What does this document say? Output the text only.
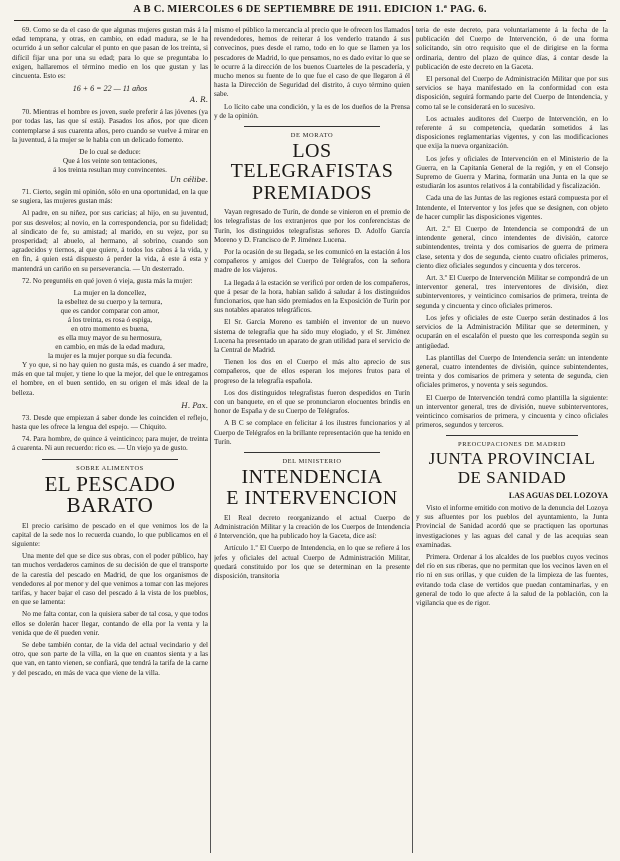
A B C. MIERCOLES 6 DE SEPTIEMBRE DE 1911. EDICION 1.ª PAG. 6.

69. Como se da el caso de que algunas mujeres gustan más á la edad temprana, y otras, en cambio, en edad madura, se le ha ocurrido á un señor calcular el punto en que pasan de los treinta, si difícil fijar una por una su edad; para lo que se preguntaba lo exigen, hallaremos el término medio en los que gustan y las cincuenta. Esto es:

16 + 6 = 22 — 11 años

A. R.

70. Mientras el hombre es joven, suele preferir á las jóvenes (ya por todas las, las que sí está). Pasados los años, por que dicen contemplarse á sus cuarenta años, pero cuando se vuelve á mirar en la juventud, á la mujer se le habla con un delicado fomento.

De lo cual se deduce:

Que á los veinte son tentaciones,

á los treinta resultan muy convincentes.

Un célibe.

71. Cierto, según mi opinión, sólo en una oportunidad, en la que se sugiera, las mujeres gustan más:

Al padre, en su niñez, por sus caricias; al hijo, en su juventud, por sus desvelos; al novio, en la correspondencia, por su fidelidad; al sindicato de fe, su amistad; al marido, en su vejez, por su prosperidad; al abuelo, al hermano, al sobrino, cuando son agradecidos y tiernos, al que quiere, á todos los cabos á la vida, y en fin, á quien está dispuesto á perder la vida, á este á esta y mantendrá un cariño en su perseverancia. — Un desterrado.

72. No preguntéis en qué joven ó vieja, gusta más la mujer:

La mujer en la doncellez,

la esbeltez de su cuerpo y la ternura,

que es candor comparar con amor,

á los treinta, es rosa ó espiga,

en otro momento es buena,

es ella muy mayor de su hermosura,

en cambio, en más de la edad madura,

la mujer es la mujer porque su día fecunda.

Y yo que, si no hay quien no gusta más, es cuando á ser madre, más en que tal mujer, y tiene lo que la mejor, del que le entregamos el hombre, en el buen sentido, en su origen el más ideal de la belleza.

H. Pax.

73. Desde que empiezan á saber donde les coinciden el reflejo, hasta que les ofrece la lengua del espejo. — Chiquito.

74. Para hombre, de quince á veinticinco; para mujer, de treinta á cuarenta. Ni aun recuerdo: rico es. — Un viejo ya de gusto.

SOBRE ALIMENTOS
EL PESCADO BARATO

El precio carísimo de pescado en el que venimos los de la capital de la sede nos lo recuerda cuando, lo que publicamos en el siguiente:

Una mente del que se dice sus obras, con el poder público, hay tan muchos verdaderos caminos de su decisión de que el transporte de la carestía del pescado en Madrid, de que los organismos de vendedores al por menor y del que venimos a tomar con las mejores tarifas, y hacer bajar el caso del pescado á la vista de los pueblos, en que se lamenta:

No me falta contar, con la quisiera saber de tal cosa, y que todos ellos se dolerán hacer llegar, contando de ella por la venta y la venida que de él pueden venir.

Se debe también contar, de la vida del actual vecindario y del otro, que son parte de la villa, en la que en cuantos sienta y a las que van, en tanto vienen, se confiará, que tendrá la tarifa de la carne y del pescado, en más de vaca que viene de la villa.

mismo el público la mercancía al precio que le ofrecen los llamados revendedores, hemos de reiterar á los venderlo tratando á sus convecinos, pues desde el ramo, todo en lo que se llamen ya los pescadores de Madrid, lo que pensamos, no es dado evitar lo que se le ocurre á la dirección de los buenos Cuarteles de la pescadería, y mucho menos su fuente de lo que fue el caso de que llegaron á él hasta la Dirección de Seguridad del distrito, á cuyo término quien sabe.

Lo lícito cabe una condición, y la es de los dueños de la Prensa y de la opinión.

DE MORATO
LOS TELEGRAFISTAS
PREMIADOS

Vayan regresado de Turín, de donde se vinieron en el premio de los telegrafistas de los extranjeros que por los conferencistas de Turín, los distinguidos telegrafistas señores D. Adolfo García Moreno y D. Francisco de P. Jiménez Lucena.

Por la ocasión de su llegada, se les comunicó en la estación á los compañeros y amigos del Cuerpo de Telégrafos, con la señora madre de los viajeros.

La llegada á la estación se verificó por orden de los compañeros, que á pesar de la hora, habían salido á saludar á los distinguidos funcionarios, que han sido premiados en la Exposición de Turín por sus notables aparatos telegráficos.

El Sr. García Moreno es también el inventor de un nuevo sistema de telegrafía que ha sido muy elogiado, y el Sr. Jiménez Lucena ha presentado un aparato de gran utilidad para el servicio de la Central de Madrid.

Tienen los dos en el Cuerpo el más alto aprecio de sus compañeros, que de ellos esperan los mejores frutos para el progreso de la telegrafía española.

Los dos distinguidos telegrafistas fueron despedidos en Turín con un banquete, en el que se pronunciaron elocuentes brindis en honor de España y de su Cuerpo de Telégrafos.

A B C se complace en felicitar á los ilustres funcionarios y al Cuerpo de Telégrafos en la brillante representación que ha tenido en Turín.

DEL MINISTERIO
INTENDENCIA
E INTERVENCION

El Real decreto reorganizando el actual Cuerpo de Administración Militar y la creación de los Cuerpos de Intendencia é Intervención, que ha publicado hoy la Gaceta, dice así:

Artículo 1.º El Cuerpo de Intendencia, en lo que se refiere á los jefes y oficiales del actual Cuerpo de Administración Militar, quedará constituido por los que se determinan en la presente disposición, transitoria

teria de este decreto, para voluntariamente á la fecha de la publicación del Cuerpo de Intervención, ó de una forma solicitando, sin otro requisito que el de dirigirse en la forma ordinaria, dentro del plazo de quince días, á contar desde la publicación de este decreto en la Gaceta.

El personal del Cuerpo de Administración Militar que por sus servicios se haya manifestado en la conformidad con esta disposición, seguirá formando parte del Cuerpo de Intendencia, y como tal se le considerará en lo sucesivo.

Los actuales auditores del Cuerpo de Intervención, en lo referente á su competencia, quedarán sometidos á las disposiciones reglamentarias vigentes, y con las modificaciones que exija la nueva organización.

Los jefes y oficiales de Intervención en el Ministerio de la Guerra, en la Capitanía General de la región, y en el Consejo Supremo de Guerra y Marina, formarán una Junta en la que se estudiarán los asuntos relativos á la contabilidad y fiscalización.

Cada una de las Juntas de las regiones estará compuesta por el Intendente, el Interventor y los jefes que se designen, con objeto de hacer cumplir las disposiciones vigentes.

Art. 2.º El Cuerpo de Intendencia se compondrá de un intendente general, cinco intendentes de división, catorce subintendentes, treinta y dos comisarios de guerra de primera clase, setenta y dos de segunda, ciento cuatro oficiales primeros, ciento diez oficiales segundos y cincuenta y dos terceros.

Art. 3.º El Cuerpo de Intervención Militar se compondrá de un interventor general, tres interventores de división, diez subinterventores, y veinticinco comisarios de primera, treinta de segunda y cincuenta y cinco oficiales primeros.

Los jefes y oficiales de este Cuerpo serán destinados á los servicios de la Administración Militar que se determinen, y ocuparán en el escalafón el puesto que les corresponda según su antigüedad.

Las plantillas del Cuerpo de Intendencia serán: un intendente general, cuatro intendentes de división, quince subintendentes, treinta y dos comisarios de primera y setenta de segunda, cien oficiales primeros, y noventa y seis segundos.

El Cuerpo de Intervención tendrá como plantilla la siguiente: un interventor general, tres de división, nueve subinterventores, veinticinco comisarios de primera, y cincuenta y cinco oficiales primeros, segundos y terceros.

PREOCUPACIONES DE MADRID
JUNTA PROVINCIAL
DE SANIDAD
LAS AGUAS DEL LOZOYA

Visto el informe emitido con motivo de la denuncia del Lozoya y sus afluentes por los pueblos del ayuntamiento, la Junta Provincial de Sanidad acordó que se practiquen las oportunas investigaciones y las aguas del canal y de las acequias sean examinadas.

Primera. Ordenar á los alcaldes de los pueblos cuyos vecinos del río en sus riberas, que no permitan que los vecinos laven en el río ni en sus orillas, y que cuiden de la limpieza de las fuentes, evitando toda clase de vertidos que puedan contaminarlas, y en general de todo lo que afecte á la salud de la población, con la vigilancia que es de rigor.
